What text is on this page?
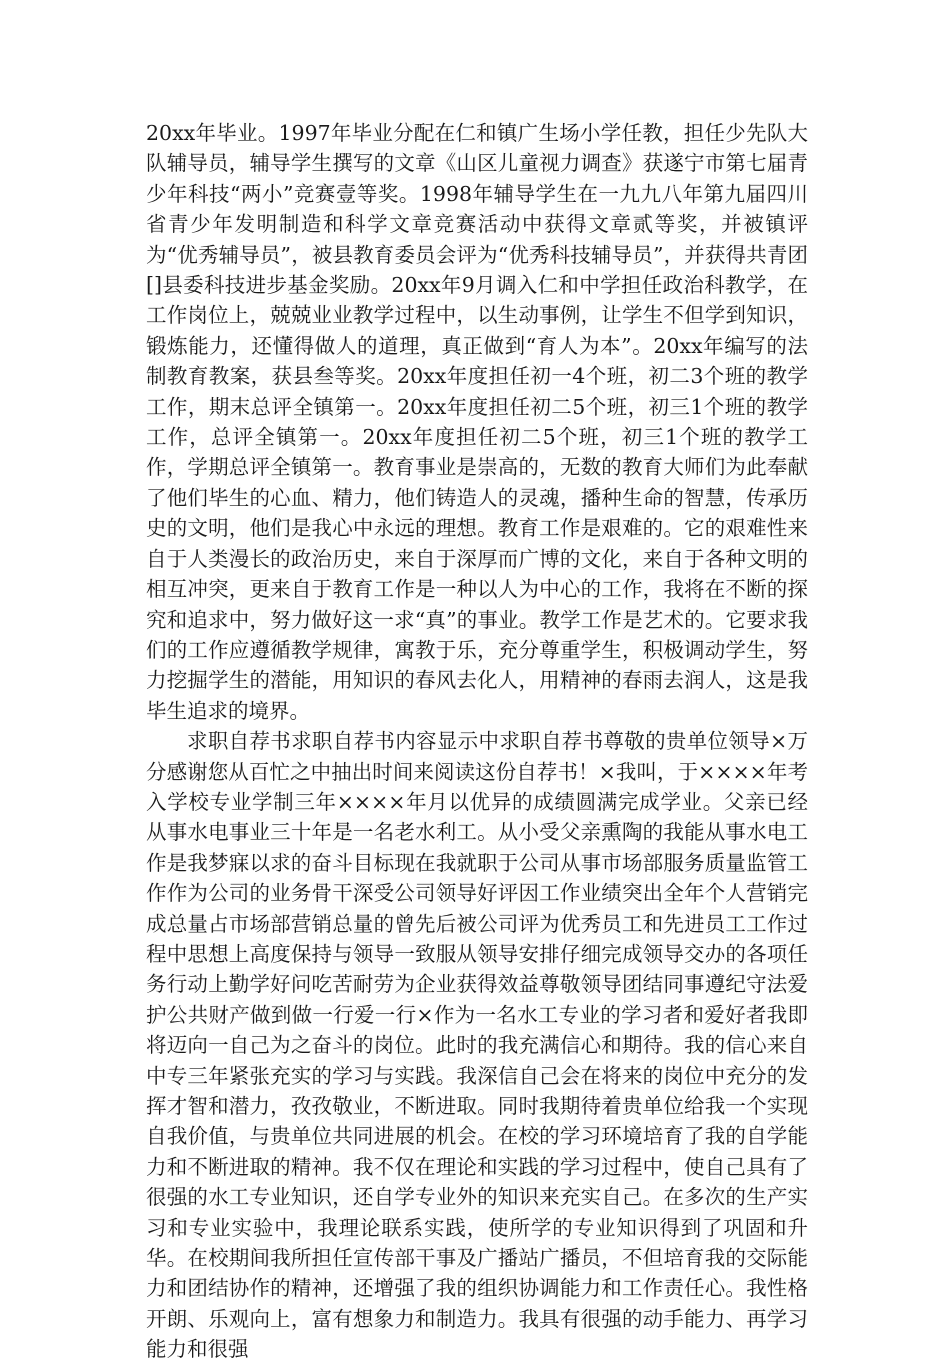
20xx年毕业。1997年毕业分配在仁和镇广生场小学任教，担任少先队大队辅导员，辅导学生撰写的文章《山区儿童视力调查》获遂宁市第七届青少年科技“两小”竞赛壹等奖。1998年辅导学生在一九九八年第九届四川省青少年发明制造和科学文章竞赛活动中获得文章贰等奖，并被镇评为“优秀辅导员”，被县教育委员会评为“优秀科技辅导员”，并获得共青团[]县委科技进步基金奖励。20xx年9月调入仁和中学担任政治科教学，在工作岗位上，兢兢业业教学过程中，以生动事例，让学生不但学到知识，锻炼能力，还懂得做人的道理，真正做到“育人为本”。20xx年编写的法制教育教案，获县叁等奖。20xx年度担任初一4个班，初二3个班的教学工作，期末总评全镇第一。20xx年度担任初二5个班，初三1个班的教学工作，总评全镇第一。20xx年度担任初二5个班，初三1个班的教学工作，学期总评全镇第一。教育事业是崇高的，无数的教育大师们为此奉献了他们毕生的心血、精力，他们铸造人的灵魂，播种生命的智慧，传承历史的文明，他们是我心中永远的理想。教育工作是艰难的。它的艰难性来自于人类漫长的政治历史，来自于深厚而广博的文化，来自于各种文明的相互冲突，更来自于教育工作是一种以人为中心的工作，我将在不断的探究和追求中，努力做好这一求“真”的事业。教学工作是艺术的。它要求我们的工作应遵循教学规律，寓教于乐，充分尊重学生，积极调动学生，努力挖掘学生的潜能，用知识的春风去化人，用精神的春雨去润人，这是我毕生追求的境界。

求职自荐书求职自荐书内容显示中求职自荐书尊敬的贵单位领导×万分感谢您从百忙之中抽出时间来阅读这份自荐书！×我叫，于××××年考入学校专业学制三年××××年月以优异的成绩圆满完成学业。父亲已经从事水电事业三十年是一名老水利工。从小受父亲熏陶的我能从事水电工作是我梦寐以求的奋斗目标现在我就职于公司从事市场部服务质量监管工作作为公司的业务骨干深受公司领导好评因工作业绩突出全年个人营销完成总量占市场部营销总量的曾先后被公司评为优秀员工和先进员工工作过程中思想上高度保持与领导一致服从领导安排仔细完成领导交办的各项任务行动上勤学好问吃苦耐劳为企业获得效益尊敬领导团结同事遵纪守法爱护公共财产做到做一行爱一行×作为一名水工专业的学习者和爱好者我即将迈向一自己为之奋斗的岗位。此时的我充满信心和期待。我的信心来自中专三年紧张充实的学习与实践。我深信自己会在将来的岗位中充分的发挥才智和潜力，孜孜敬业，不断进取。同时我期待着贵单位给我一个实现自我价值，与贵单位共同进展的机会。在校的学习环境培育了我的自学能力和不断进取的精神。我不仅在理论和实践的学习过程中，使自己具有了很强的水工专业知识，还自学专业外的知识来充实自己。在多次的生产实习和专业实验中，我理论联系实践，使所学的专业知识得到了巩固和升华。在校期间我所担任宣传部干事及广播站广播员，不但培育我的交际能力和团结协作的精神，还增强了我的组织协调能力和工作责任心。我性格开朗、乐观向上，富有想象力和制造力。我具有很强的动手能力、再学习能力和很强
